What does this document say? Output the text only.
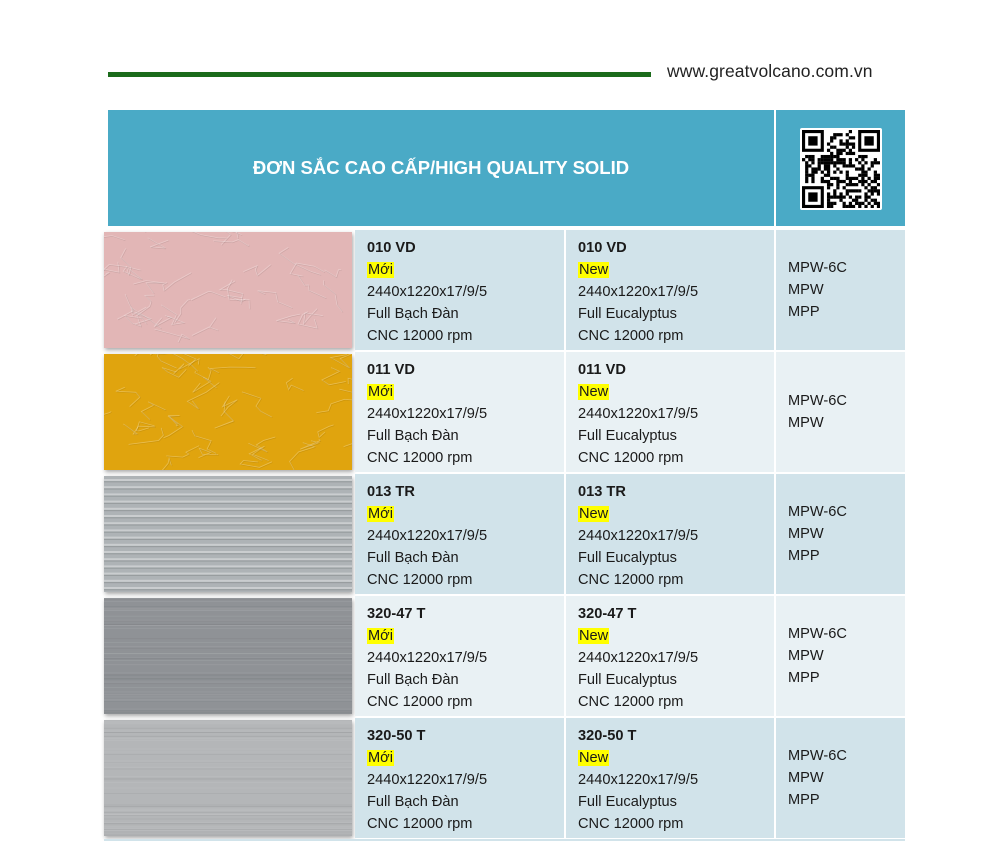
www.greatvolcano.com.vn
ĐƠN SẮC CAO CẤP/HIGH QUALITY SOLID
010 VD
Mới
2440x1220x17/9/5
Full Bạch Đàn
CNC 12000 rpm
010 VD
New
2440x1220x17/9/5
Full Eucalyptus
CNC 12000 rpm
MPW-6C
MPW
MPP
011 VD
Mới
2440x1220x17/9/5
Full Bạch Đàn
CNC 12000 rpm
011 VD
New
2440x1220x17/9/5
Full Eucalyptus
CNC 12000 rpm
MPW-6C
MPW
013 TR
Mới
2440x1220x17/9/5
Full Bạch Đàn
CNC 12000 rpm
013 TR
New
2440x1220x17/9/5
Full Eucalyptus
CNC 12000 rpm
MPW-6C
MPW
MPP
320-47 T
Mới
2440x1220x17/9/5
Full Bạch Đàn
CNC 12000 rpm
320-47 T
New
2440x1220x17/9/5
Full Eucalyptus
CNC 12000 rpm
MPW-6C
MPW
MPP
320-50 T
Mới
2440x1220x17/9/5
Full Bạch Đàn
CNC 12000 rpm
320-50 T
New
2440x1220x17/9/5
Full Eucalyptus
CNC 12000 rpm
MPW-6C
MPW
MPP
